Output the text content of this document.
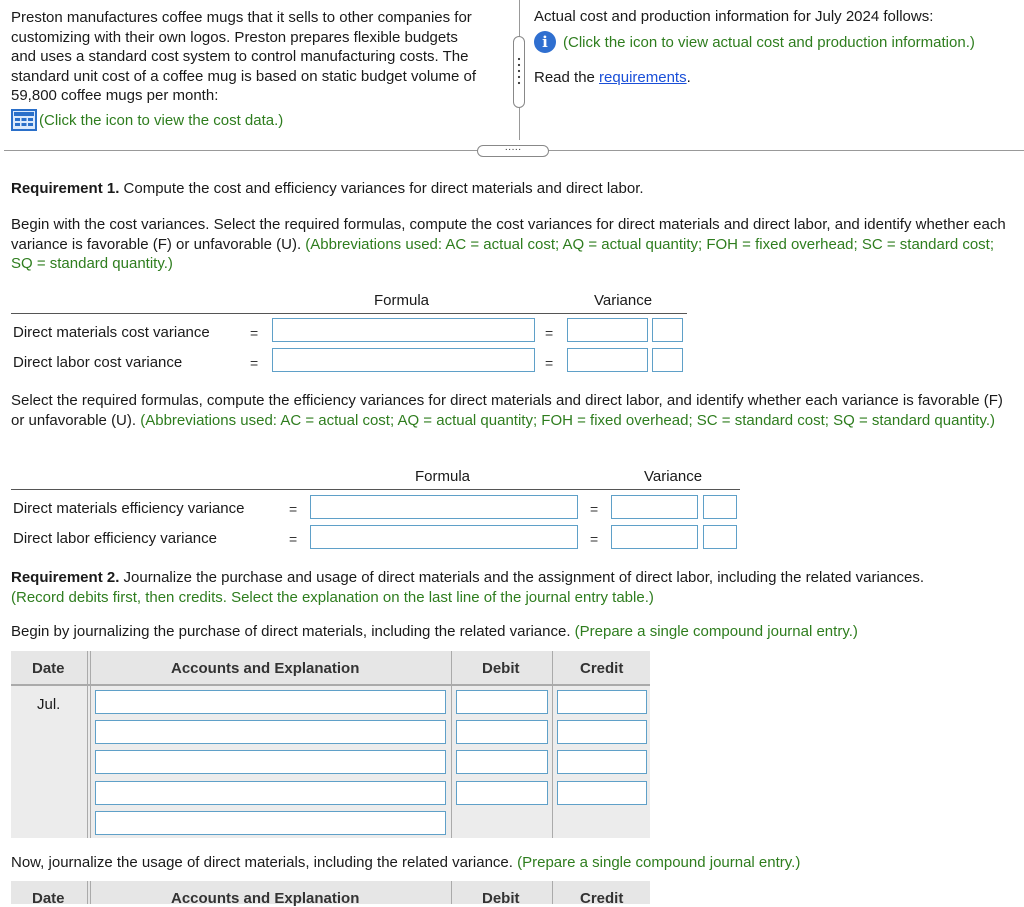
Preston manufactures coffee mugs that it sells to other companies for
customizing with their own logos. Preston prepares flexible budgets
and uses a standard cost system to control manufacturing costs. The
standard unit cost of a coffee mug is based on static budget volume of
59,800 coffee mugs per month:
(Click the icon to view the cost data.)
Actual cost and production information for July 2024 follows:
i	(Click the icon to view actual cost and production information.)
Read the requirements.
·····
Requirement 1. Compute the cost and efficiency variances for direct materials and direct labor.
Begin with the cost variances. Select the required formulas, compute the cost variances for direct materials and direct labor, and identify whether each variance is favorable (F) or unfavorable (U). (Abbreviations used: AC = actual cost; AQ = actual quantity; FOH = fixed overhead; SC = standard cost; SQ = standard quantity.)
Formula	Variance
Direct materials cost variance	=	=
Direct labor cost variance	=	=
Select the required formulas, compute the efficiency variances for direct materials and direct labor, and identify whether each variance is favorable (F) or unfavorable (U). (Abbreviations used: AC = actual cost; AQ = actual quantity; FOH = fixed overhead; SC = standard cost; SQ = standard quantity.)
Formula	Variance
Direct materials efficiency variance	=	=
Direct labor efficiency variance	=	=
Requirement 2. Journalize the purchase and usage of direct materials and the assignment of direct labor, including the related variances.
(Record debits first, then credits. Select the explanation on the last line of the journal entry table.)
Begin by journalizing the purchase of direct materials, including the related variance. (Prepare a single compound journal entry.)
Date	Accounts and Explanation	Debit	Credit
Jul.
Now, journalize the usage of direct materials, including the related variance. (Prepare a single compound journal entry.)
Date	Accounts and Explanation	Debit	Credit
